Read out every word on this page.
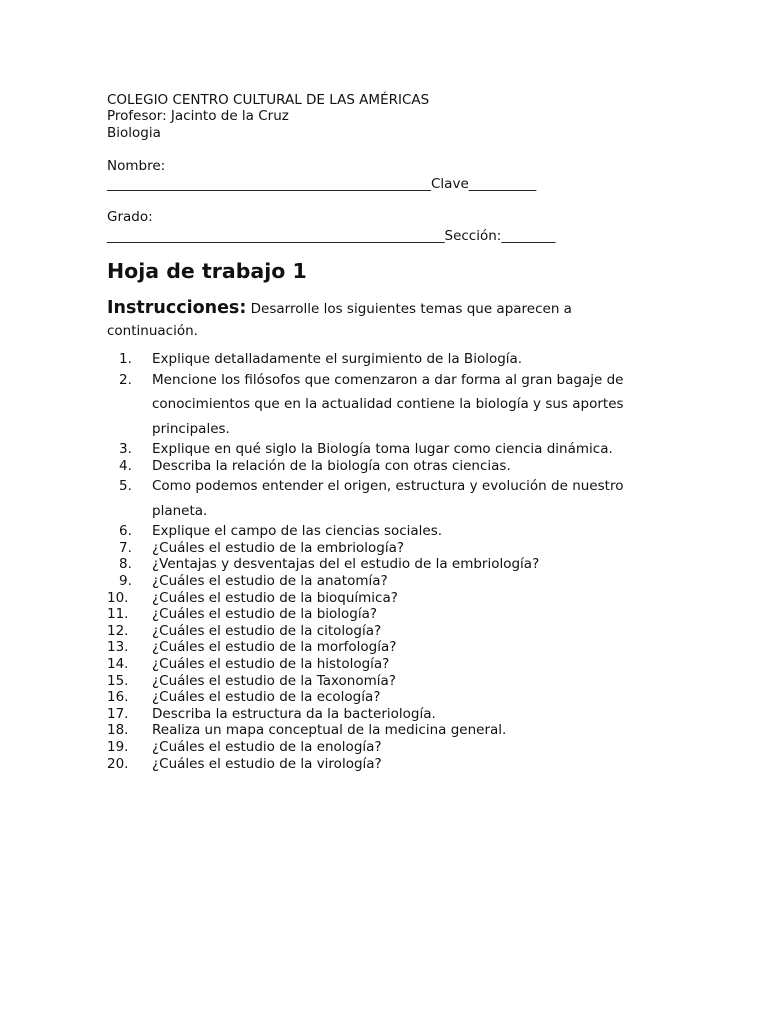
COLEGIO CENTRO CULTURAL DE LAS AMÉRICAS
Profesor: Jacinto de la Cruz
Biologia
Nombre:
________________________________________________Clave__________
Grado:
__________________________________________________Sección:________
Hoja de trabajo 1
Instrucciones: Desarrolle los siguientes temas que aparecen a continuación.
1.	Explique detalladamente el surgimiento de la Biología.
2.	Mencione los filósofos que comenzaron a dar forma al gran bagaje de conocimientos que en la actualidad contiene la biología y sus aportes principales.
3.	Explique en qué siglo la Biología toma lugar como ciencia dinámica.
4.	Describa la relación de la biología con otras ciencias.
5.	Como podemos entender el origen, estructura y evolución de nuestro planeta.
6.	Explique el campo de las ciencias sociales.
7.	¿Cuáles el estudio de la embriología?
8.	¿Ventajas y desventajas del el estudio de la embriología?
9.	¿Cuáles el estudio de la anatomía?
10.	¿Cuáles el estudio de la bioquímica?
11.	¿Cuáles el estudio de la biología?
12.	¿Cuáles el estudio de la citología?
13.	¿Cuáles el estudio de la morfología?
14.	¿Cuáles el estudio de la histología?
15.	¿Cuáles el estudio de la Taxonomía?
16.	¿Cuáles el estudio de la ecología?
17.	Describa la estructura da la bacteriología.
18.	Realiza un mapa conceptual de la medicina general.
19.	¿Cuáles el estudio de la enología?
20.	¿Cuáles el estudio de la virología?
